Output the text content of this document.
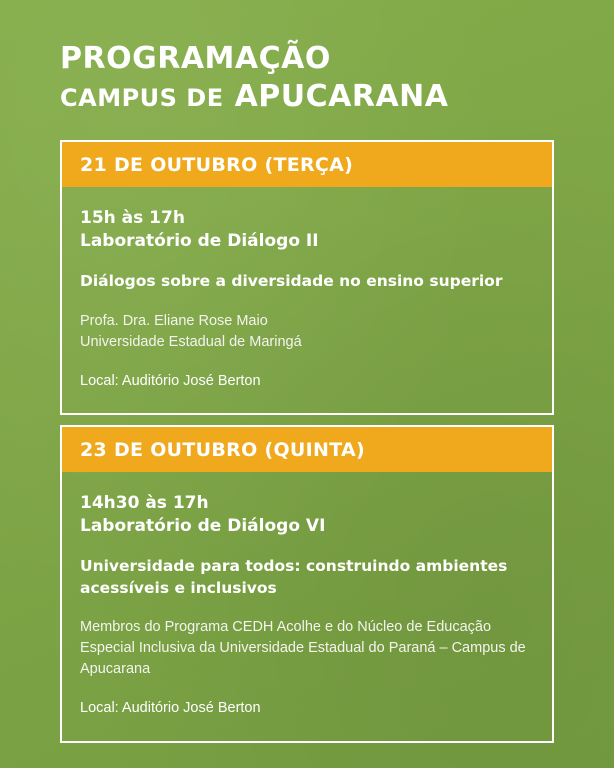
PROGRAMAÇÃO
CAMPUS DE APUCARANA
21 DE OUTUBRO (TERÇA)
15h às 17h
Laboratório de Diálogo II
Diálogos sobre a diversidade no ensino superior
Profa. Dra. Eliane Rose Maio
Universidade Estadual de Maringá
Local: Auditório José Berton
23 DE OUTUBRO (QUINTA)
14h30 às 17h
Laboratório de Diálogo VI
Universidade para todos: construindo ambientes acessíveis e inclusivos
Membros do Programa CEDH Acolhe e do Núcleo de Educação Especial Inclusiva da Universidade Estadual do Paraná – Campus de Apucarana
Local: Auditório José Berton
